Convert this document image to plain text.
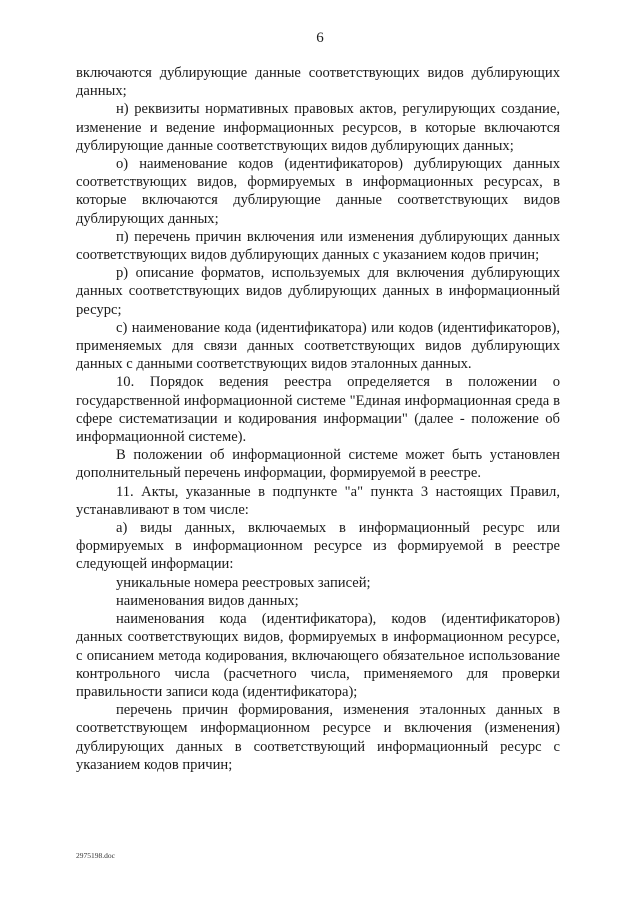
6

включаются дублирующие данные соответствующих видов дублирующих данных;

н) реквизиты нормативных правовых актов, регулирующих создание, изменение и ведение информационных ресурсов, в которые включаются дублирующие данные соответствующих видов дублирующих данных;

о) наименование кодов (идентификаторов) дублирующих данных соответствующих видов, формируемых в информационных ресурсах, в которые включаются дублирующие данные соответствующих видов дублирующих данных;

п) перечень причин включения или изменения дублирующих данных соответствующих видов дублирующих данных с указанием кодов причин;

р) описание форматов, используемых для включения дублирующих данных соответствующих видов дублирующих данных в информационный ресурс;

с) наименование кода (идентификатора) или кодов (идентификаторов), применяемых для связи данных соответствующих видов дублирующих данных с данными соответствующих видов эталонных данных.

10. Порядок ведения реестра определяется в положении о государственной информационной системе "Единая информационная среда в сфере систематизации и кодирования информации" (далее - положение об информационной системе).

В положении об информационной системе может быть установлен дополнительный перечень информации, формируемой в реестре.

11. Акты, указанные в подпункте "а" пункта 3 настоящих Правил, устанавливают в том числе:

а) виды данных, включаемых в информационный ресурс или формируемых в информационном ресурсе из формируемой в реестре следующей информации:

уникальные номера реестровых записей;

наименования видов данных;

наименования кода (идентификатора), кодов (идентификаторов) данных соответствующих видов, формируемых в информационном ресурсе, с описанием метода кодирования, включающего обязательное использование контрольного числа (расчетного числа, применяемого для проверки правильности записи кода (идентификатора);

перечень причин формирования, изменения эталонных данных в соответствующем информационном ресурсе и включения (изменения) дублирующих данных в соответствующий информационный ресурс с указанием кодов причин;

2975198.doc
